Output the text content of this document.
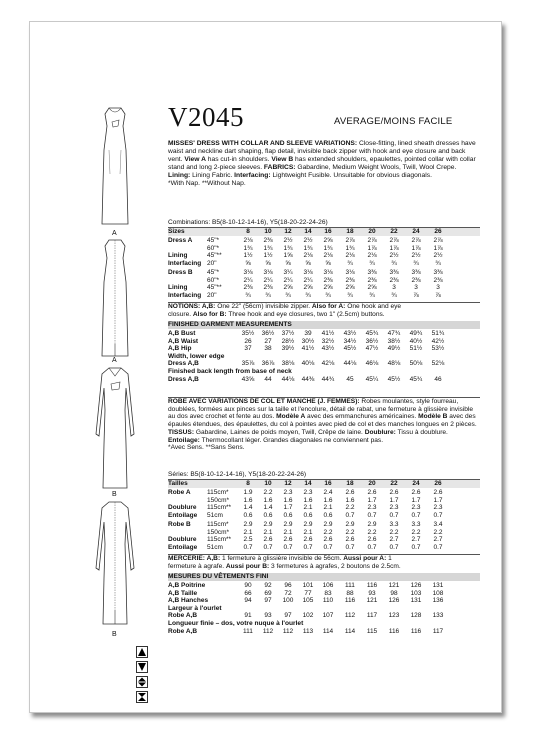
A
A
B
B
V2045	AVERAGE/MOINS FACILE
MISSES' DRESS WITH COLLAR AND SLEEVE VARIATIONS: Close-fitting, lined sheath dresses have waist and neckline dart shaping, flap detail, invisible back zipper with hook and eye closure and back vent. View A has cut-in shoulders. View B has extended shoulders, epaulettes, pointed collar with collar stand and long 2-piece sleeves. FABRICS: Gabardine, Medium Weight Wools, Twill, Wool Crepe. Lining: Lining Fabric. Interfacing: Lightweight Fusible. Unsuitable for obvious diagonals.
*With Nap. **Without Nap.
Combinations: B5(8-10-12-14-16), Y5(18-20-22-24-26)
Sizes	8	10	12	14	16	18	20	22	24	26
Dress A 45"*	2⅛	2⅜	2½	2½	2⅝	2⅞	2⅞	2⅞	2⅞	2⅞
60"*	1¾	1¾	1¾	1¾	1¾	1¾	1⅞	1⅞	1⅞	1⅞
Lining	45"**	1½	1½	1⅝	2⅛	2⅛	2⅛	2⅛	2½	2½	2½
Interfacing 20"	⅝	⅝	⅝	⅝	⅝	¾	¾	¾	¾	¾
Dress B 45"*	3⅛	3⅛	3¼	3⅛	3⅛	3⅛	3⅜	3⅜	3⅜	3⅜
60"*	2¼	2¼	2¼	2¼	2⅜	2⅜	2⅜	2⅜	2⅜	2⅜
Lining	45"**	2⅜	2⅜	2⅝	2⅝	2⅝	2⅝	2⅝	3	3	3
Interfacing 20"	¾	¾	¾	¾	¾	¾	¾	¾	⅞	⅞
NOTIONS: A,B: One 22" (56cm) invisible zipper. Also for A: One hook and eye
closure. Also for B: Three hook and eye closures, two 1" (2.5cm) buttons.
FINISHED GARMENT MEASUREMENTS
A,B Bust	35½	36½	37½	39	41½	43½	45¾	47¾	49¾	51¾
A,B Waist	26	27	28½	30½	32½	34½	36½	38½	40½	42½
A,B Hip	37	38	39½	41½	43½	45½	47½	49½	51½	53½
Width, lower edge
Dress A,B	35⅞	36⅞	38⅛	40⅛	42⅛	44⅛	46⅛	48⅛	50⅛	52⅛
Finished back length from base of neck
Dress A,B	43⅝	44	44⅛	44⅜	44¾	45	45¼	45½	45¾	46
ROBE AVEC VARIATIONS DE COL ET MANCHE (J. FEMMES): Robes moulantes, style fourreau, doublées, formées aux pinces sur la taille et l'encolure, détail de rabat, une fermeture à glissière invisible au dos avec crochet et fente au dos. Modèle A avec des emmanchures américaines. Modèle B avec des épaules étendues, des épaulettes, du col à pointes avec pied de col et des manches longues en 2 pièces. TISSUS: Gabardine, Laines de poids moyen, Twill, Crêpe de laine. Doublure: Tissu à doublure. Entoilage: Thermocollant léger. Grandes diagonales ne conviennent pas.
*Avec Sens. **Sans Sens.
Séries: B5(8-10-12-14-16), Y5(18-20-22-24-26)
Tailles	8	10	12	14	16	18	20	22	24	26
Robe A	115cm*	1.9	2.2	2.3	2.3	2.4	2.6	2.6	2.6	2.6	2.6
150cm*	1.6	1.6	1.6	1.6	1.6	1.6	1.7	1.7	1.7	1.7
Doublure 115cm**	1.4	1.4	1.7	2.1	2.1	2.2	2.3	2.3	2.3	2.3
Entoilage 51cm	0.6	0.6	0.6	0.6	0.6	0.7	0.7	0.7	0.7	0.7
Robe B	115cm*	2.9	2.9	2.9	2.9	2.9	2.9	2.9	3.3	3.3	3.4
150cm*	2.1	2.1	2.1	2.1	2.2	2.2	2.2	2.2	2.2	2.2
Doublure 115cm**	2.5	2.6	2.6	2.6	2.6	2.6	2.6	2.7	2.7	2.7
Entoilage 51cm	0.7	0.7	0.7	0.7	0.7	0.7	0.7	0.7	0.7	0.7
MERCERIE: A,B: 1 fermeture à glissière invisible de 56cm. Aussi pour A: 1
fermeture à agrafe. Aussi pour B: 3 fermetures à agrafes, 2 boutons de 2.5cm.
MESURES DU VÊTEMENTS FINI
A,B Poitrine	90	92	96	101	106	111	116	121	126	131
A,B Taille	66	69	72	77	83	88	93	98	103	108
A,B Hanches	94	97	100	105	110	116	121	126	131	136
Largeur à l'ourlet
Robe A,B	91	93	97	102	107	112	117	123	128	133
Longueur finie – dos, votre nuque à l'ourlet
Robe A,B	111	112	112	113	114	114	115	116	116	117
